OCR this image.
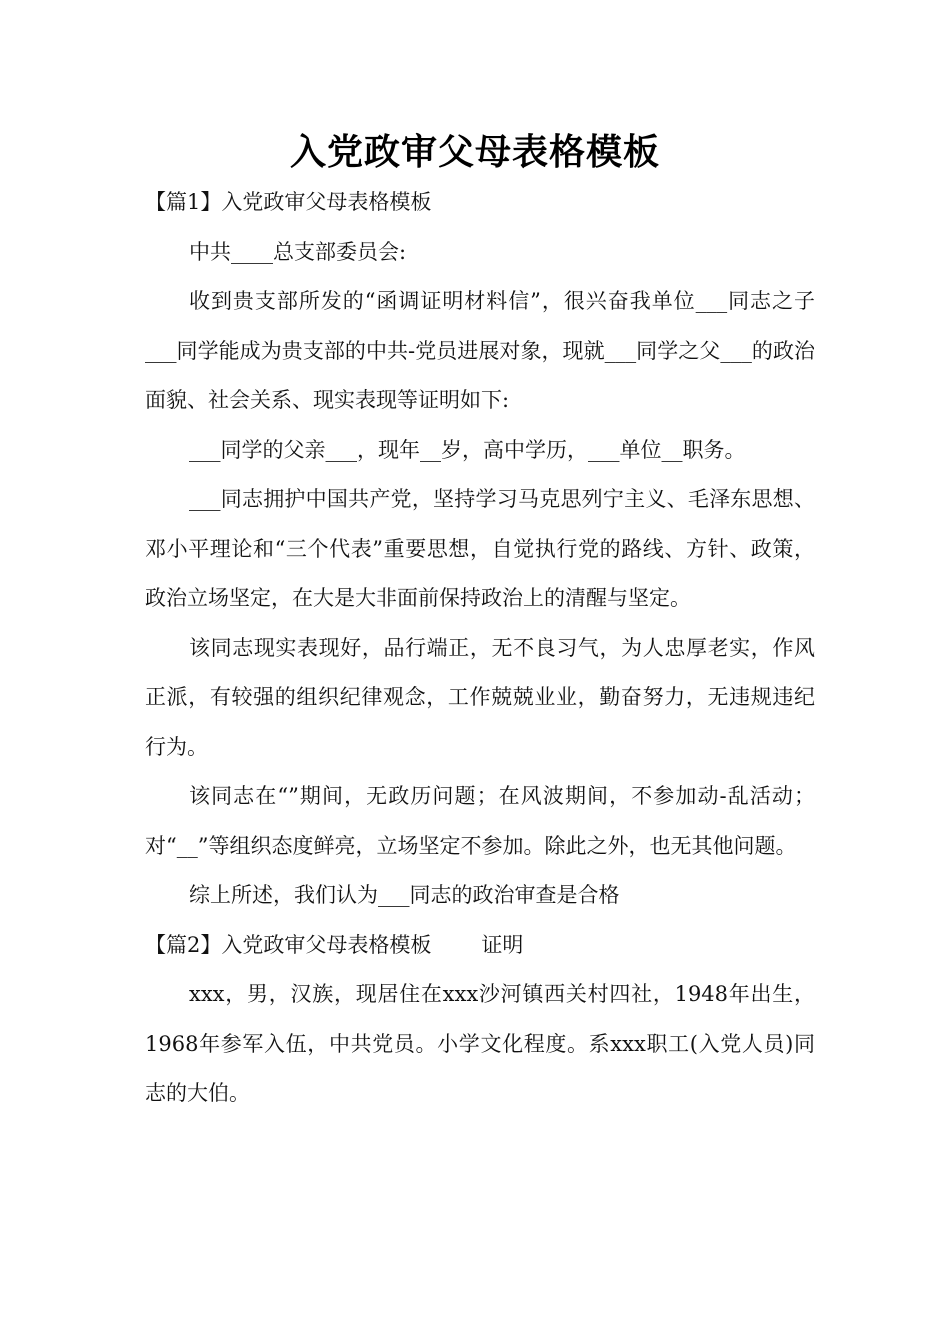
入党政审父母表格模板

【篇1】入党政审父母表格模板

中共____总支部委员会:

收到贵支部所发的“函调证明材料信”，很兴奋我单位___同志之子___同学能成为贵支部的中共-党员进展对象，现就___同学之父___的政治面貌、社会关系、现实表现等证明如下:

___同学的父亲___，现年__岁，高中学历，___单位__职务。

___同志拥护中国共产党，坚持学习马克思列宁主义、毛泽东思想、邓小平理论和“三个代表”重要思想，自觉执行党的路线、方针、政策，政治立场坚定，在大是大非面前保持政治上的清醒与坚定。

该同志现实表现好，品行端正，无不良习气，为人忠厚老实，作风正派，有较强的组织纪律观念，工作兢兢业业，勤奋努力，无违规违纪行为。

该同志在“”期间，无政历问题；在风波期间，不参加动-乱活动；对“__”等组织态度鲜亮，立场坚定不参加。除此之外，也无其他问题。

综上所述，我们认为___同志的政治审查是合格

【篇2】入党政审父母表格模板 证明

xxx，男，汉族，现居住在xxx沙河镇西关村四社，1948年出生，1968年参军入伍，中共党员。小学文化程度。系xxx职工(入党人员)同志的大伯。
